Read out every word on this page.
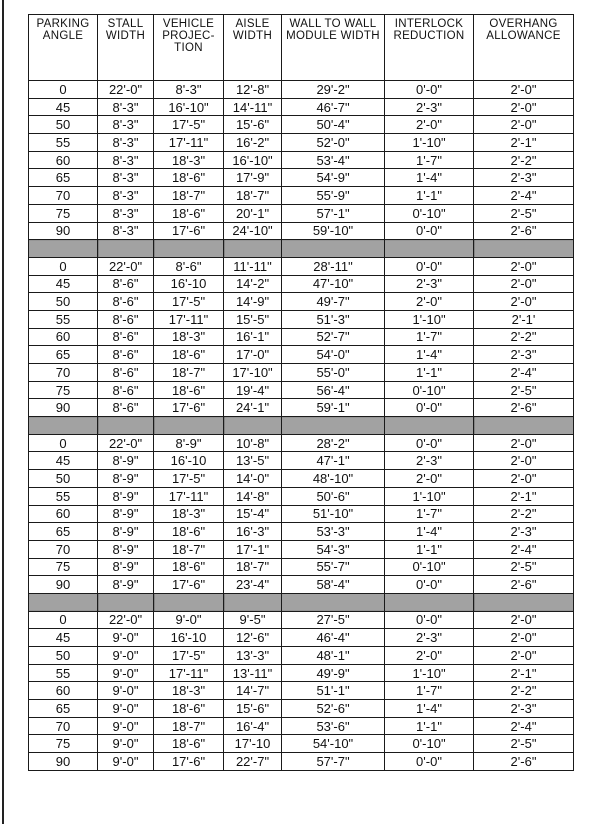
PARKING ANGLE	STALL WIDTH	VEHICLE PROJEC-TION	AISLE WIDTH	WALL TO WALL MODULE WIDTH	INTERLOCK REDUCTION	OVERHANG ALLOWANCE
0	22'-0"	8'-3"	12'-8"	29'-2"	0'-0"	2'-0"
45	8'-3"	16'-10"	14'-11"	46'-7"	2'-3"	2'-0"
50	8'-3"	17'-5"	15'-6"	50'-4"	2'-0"	2'-0"
55	8'-3"	17'-11"	16'-2"	52'-0"	1'-10"	2'-1"
60	8'-3"	18'-3"	16'-10"	53'-4"	1'-7"	2'-2"
65	8'-3"	18'-6"	17'-9"	54'-9"	1'-4"	2'-3"
70	8'-3"	18'-7"	18'-7"	55'-9"	1'-1"	2'-4"
75	8'-3"	18'-6"	20'-1"	57'-1"	0'-10"	2'-5"
90	8'-3"	17'-6"	24'-10"	59'-10"	0'-0"	2'-6"

0	22'-0"	8'-6"	11'-11"	28'-11"	0'-0"	2'-0"
45	8'-6"	16'-10	14'-2"	47'-10"	2'-3"	2'-0"
50	8'-6"	17'-5"	14'-9"	49'-7"	2'-0"	2'-0"
55	8'-6"	17'-11"	15'-5"	51'-3"	1'-10"	2'-1'
60	8'-6"	18'-3"	16'-1"	52'-7"	1'-7"	2'-2"
65	8'-6"	18'-6"	17'-0"	54'-0"	1'-4"	2'-3"
70	8'-6"	18'-7"	17'-10"	55'-0"	1'-1"	2'-4"
75	8'-6"	18'-6"	19'-4"	56'-4"	0'-10"	2'-5"
90	8'-6"	17'-6"	24'-1"	59'-1"	0'-0"	2'-6"

0	22'-0"	8'-9"	10'-8"	28'-2"	0'-0"	2'-0"
45	8'-9"	16'-10	13'-5"	47'-1"	2'-3"	2'-0"
50	8'-9"	17'-5"	14'-0"	48'-10"	2'-0"	2'-0"
55	8'-9"	17'-11"	14'-8"	50'-6"	1'-10"	2'-1"
60	8'-9"	18'-3"	15'-4"	51'-10"	1'-7"	2'-2"
65	8'-9"	18'-6"	16'-3"	53'-3"	1'-4"	2'-3"
70	8'-9"	18'-7"	17'-1"	54'-3"	1'-1"	2'-4"
75	8'-9"	18'-6"	18'-7"	55'-7"	0'-10"	2'-5"
90	8'-9"	17'-6"	23'-4"	58'-4"	0'-0"	2'-6"

0	22'-0"	9'-0"	9'-5"	27'-5"	0'-0"	2'-0"
45	9'-0"	16'-10	12'-6"	46'-4"	2'-3"	2'-0"
50	9'-0"	17'-5"	13'-3"	48'-1"	2'-0"	2'-0"
55	9'-0"	17'-11"	13'-11"	49'-9"	1'-10"	2'-1"
60	9'-0"	18'-3"	14'-7"	51'-1"	1'-7"	2'-2"
65	9'-0"	18'-6"	15'-6"	52'-6"	1'-4"	2'-3"
70	9'-0"	18'-7"	16'-4"	53'-6"	1'-1"	2'-4"
75	9'-0"	18'-6"	17'-10	54'-10"	0'-10"	2'-5"
90	9'-0"	17'-6"	22'-7"	57'-7"	0'-0"	2'-6"
